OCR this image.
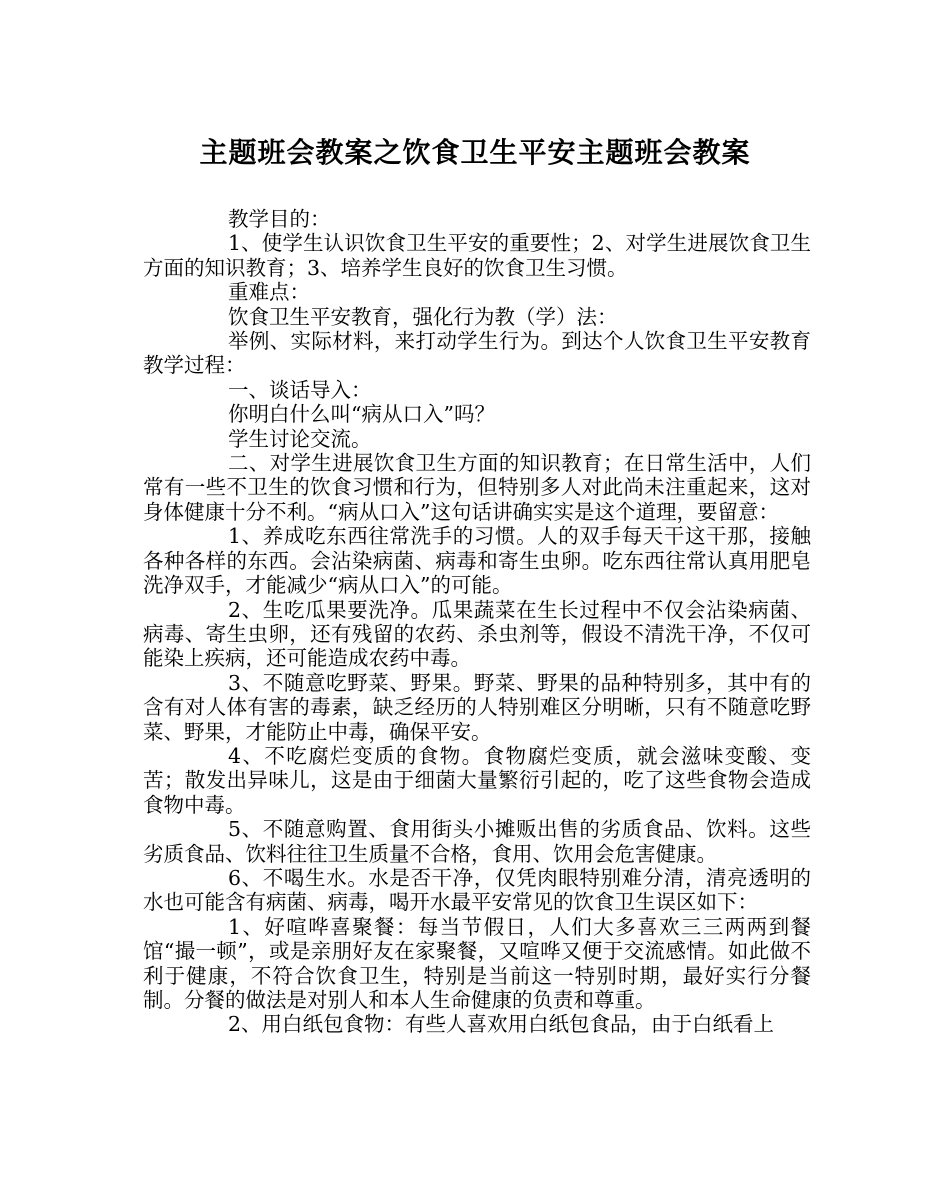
主题班会教案之饮食卫生平安主题班会教案

教学目的：

1、使学生认识饮食卫生平安的重要性；2、对学生进展饮食卫生方面的知识教育；3、培养学生良好的饮食卫生习惯。

重难点：

饮食卫生平安教育，强化行为教（学）法：

举例、实际材料，来打动学生行为。到达个人饮食卫生平安教育教学过程：

一、谈话导入：

你明白什么叫“病从口入”吗？

学生讨论交流。

二、对学生进展饮食卫生方面的知识教育；在日常生活中，人们常有一些不卫生的饮食习惯和行为，但特别多人对此尚未注重起来，这对身体健康十分不利。“病从口入”这句话讲确实实是这个道理，要留意：

1、养成吃东西往常洗手的习惯。人的双手每天干这干那，接触各种各样的东西。会沾染病菌、病毒和寄生虫卵。吃东西往常认真用肥皂洗净双手，才能减少“病从口入”的可能。

2、生吃瓜果要洗净。瓜果蔬菜在生长过程中不仅会沾染病菌、病毒、寄生虫卵，还有残留的农药、杀虫剂等，假设不清洗干净，不仅可能染上疾病，还可能造成农药中毒。

3、不随意吃野菜、野果。野菜、野果的品种特别多，其中有的含有对人体有害的毒素，缺乏经历的人特别难区分明晰，只有不随意吃野菜、野果，才能防止中毒，确保平安。

4、不吃腐烂变质的食物。食物腐烂变质，就会滋味变酸、变苦；散发出异味儿，这是由于细菌大量繁衍引起的，吃了这些食物会造成食物中毒。

5、不随意购置、食用街头小摊贩出售的劣质食品、饮料。这些劣质食品、饮料往往卫生质量不合格，食用、饮用会危害健康。

6、不喝生水。水是否干净，仅凭肉眼特别难分清，清亮透明的水也可能含有病菌、病毒，喝开水最平安常见的饮食卫生误区如下：

1、好喧哗喜聚餐：每当节假日，人们大多喜欢三三两两到餐馆“撮一顿”，或是亲朋好友在家聚餐，又喧哗又便于交流感情。如此做不利于健康，不符合饮食卫生，特别是当前这一特别时期，最好实行分餐制。分餐的做法是对别人和本人生命健康的负责和尊重。

2、用白纸包食物：有些人喜欢用白纸包食品，由于白纸看上
